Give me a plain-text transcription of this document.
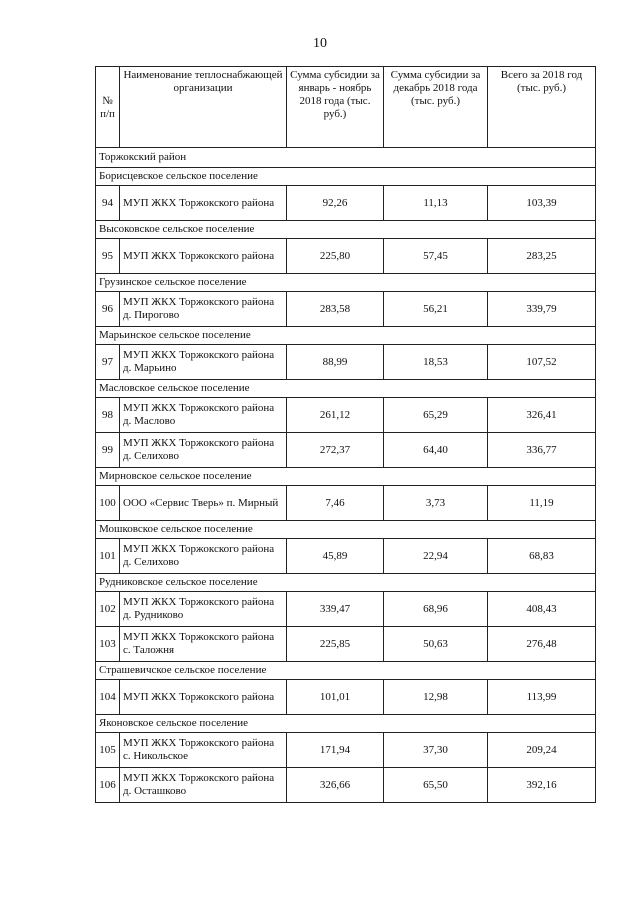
10
№ п/п	Наименование теплоснабжающей организации	Сумма субсидии за январь - ноябрь 2018 года (тыс. руб.)	Сумма субсидии за декабрь 2018 года (тыс. руб.)	Всего за 2018 год (тыс. руб.)
Торжокский район				
Борисцевское сельское поселение				
94	МУП ЖКХ Торжокского района	92,26	11,13	103,39
Высоковское сельское поселение				
95	МУП ЖКХ Торжокского района	225,80	57,45	283,25
Грузинское сельское поселение				
96	МУП ЖКХ Торжокского района д. Пирогово	283,58	56,21	339,79
Марьинское сельское поселение				
97	МУП ЖКХ Торжокского района д. Марьино	88,99	18,53	107,52
Масловское сельское поселение				
98	МУП ЖКХ Торжокского района д. Маслово	261,12	65,29	326,41
99	МУП ЖКХ Торжокского района д. Селихово	272,37	64,40	336,77
Мирновское сельское поселение				
100	ООО «Сервис Тверь» п. Мирный	7,46	3,73	11,19
Мошковское сельское поселение				
101	МУП ЖКХ Торжокского района д. Селихово	45,89	22,94	68,83
Рудниковское сельское поселение				
102	МУП ЖКХ Торжокского района д. Рудниково	339,47	68,96	408,43
103	МУП ЖКХ Торжокского района с. Таложня	225,85	50,63	276,48
Страшевичское сельское поселение				
104	МУП ЖКХ Торжокского района	101,01	12,98	113,99
Яконовское сельское поселение				
105	МУП ЖКХ Торжокского района с. Никольское	171,94	37,30	209,24
106	МУП ЖКХ Торжокского района д. Осташково	326,66	65,50	392,16
